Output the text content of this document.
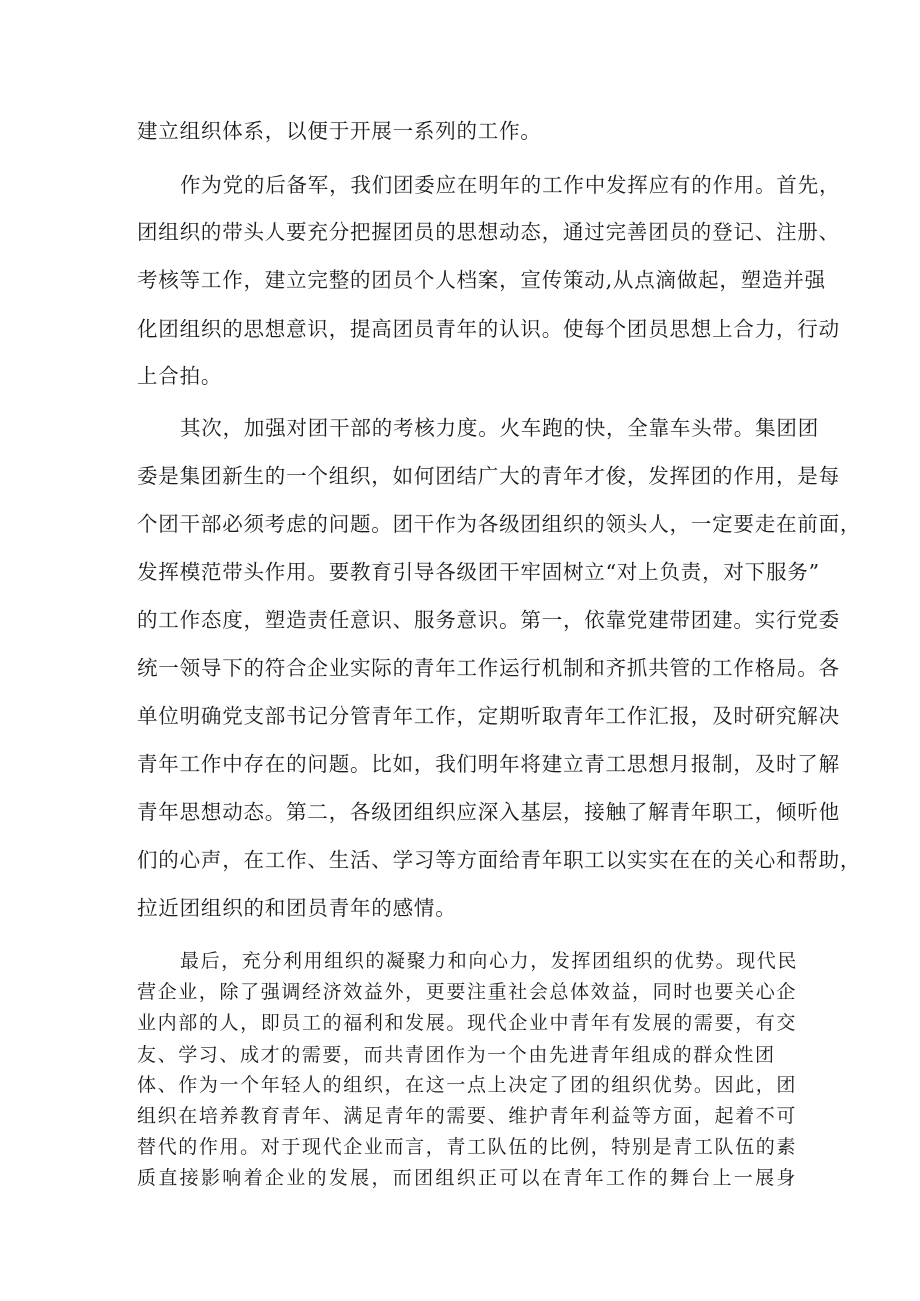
建立组织体系，以便于开展一系列的工作。
作为党的后备军，我们团委应在明年的工作中发挥应有的作用。首先，
团组织的带头人要充分把握团员的思想动态，通过完善团员的登记、注册、
考核等工作，建立完整的团员个人档案，宣传策动,从点滴做起，塑造并强
化团组织的思想意识，提高团员青年的认识。使每个团员思想上合力，行动
上合拍。
其次，加强对团干部的考核力度。火车跑的快，全靠车头带。集团团
委是集团新生的一个组织，如何团结广大的青年才俊，发挥团的作用，是每
个团干部必须考虑的问题。团干作为各级团组织的领头人，一定要走在前面，
发挥模范带头作用。要教育引导各级团干牢固树立“对上负责，对下服务”
的工作态度，塑造责任意识、服务意识。第一，依靠党建带团建。实行党委
统一领导下的符合企业实际的青年工作运行机制和齐抓共管的工作格局。各
单位明确党支部书记分管青年工作，定期听取青年工作汇报，及时研究解决
青年工作中存在的问题。比如，我们明年将建立青工思想月报制，及时了解
青年思想动态。第二，各级团组织应深入基层，接触了解青年职工，倾听他
们的心声，在工作、生活、学习等方面给青年职工以实实在在的关心和帮助，
拉近团组织的和团员青年的感情。
最后，充分利用组织的凝聚力和向心力，发挥团组织的优势。现代民
营企业，除了强调经济效益外，更要注重社会总体效益，同时也要关心企
业内部的人，即员工的福利和发展。现代企业中青年有发展的需要，有交
友、学习、成才的需要，而共青团作为一个由先进青年组成的群众性团
体、作为一个年轻人的组织，在这一点上决定了团的组织优势。因此，团
组织在培养教育青年、满足青年的需要、维护青年利益等方面，起着不可
替代的作用。对于现代企业而言，青工队伍的比例，特别是青工队伍的素
质直接影响着企业的发展，而团组织正可以在青年工作的舞台上一展身
